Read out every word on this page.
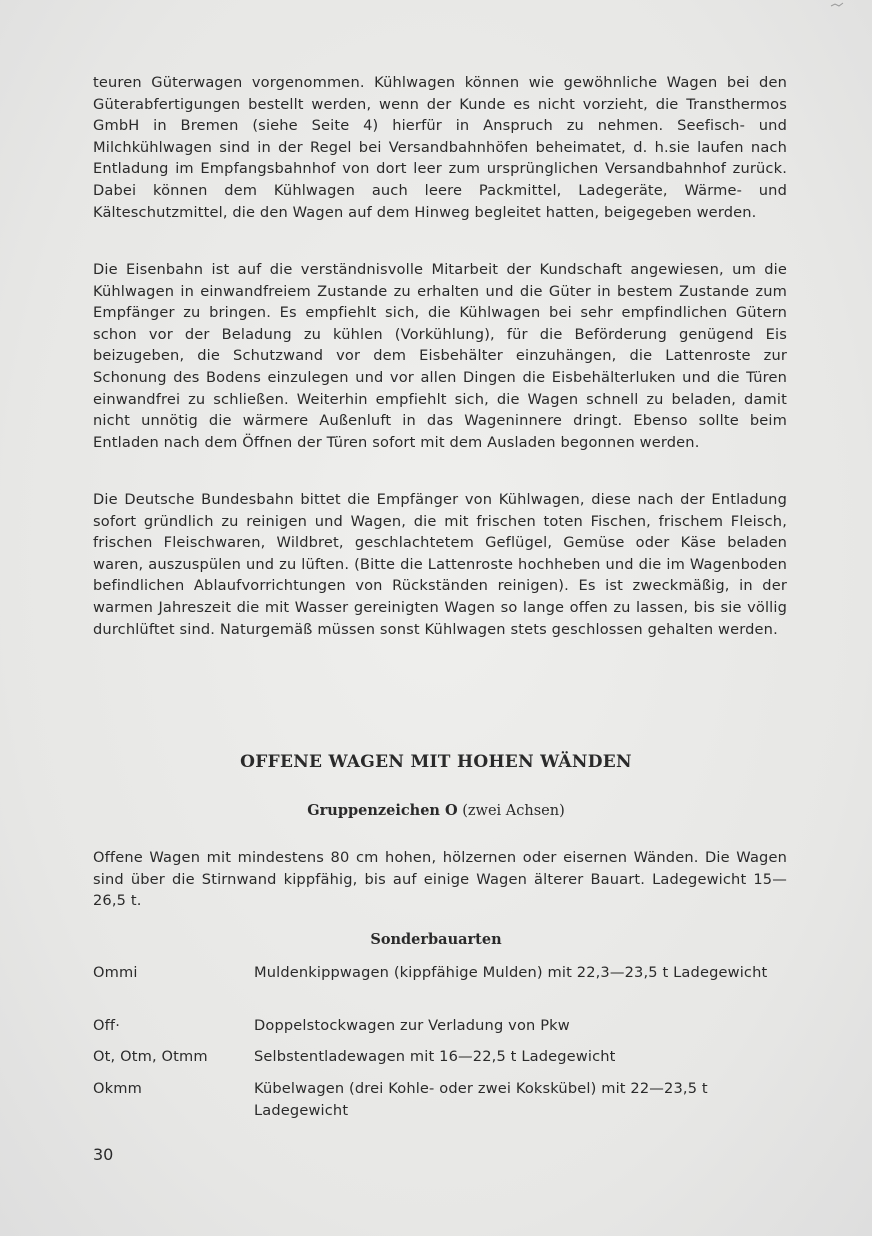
teuren Güterwagen vorgenommen. Kühlwagen können wie gewöhnliche Wagen bei den Güterabfertigungen bestellt werden, wenn der Kunde es nicht vorzieht, die Transthermos GmbH in Bremen (siehe Seite 4) hierfür in Anspruch zu nehmen. Seefisch- und Milchkühlwagen sind in der Regel bei Versandbahnhöfen beheimatet, d. h.sie laufen nach Entladung im Empfangsbahnhof von dort leer zum ursprünglichen Versandbahnhof zurück. Dabei können dem Kühlwagen auch leere Packmittel, Ladegeräte, Wärme- und Kälteschutzmittel, die den Wagen auf dem Hinweg begleitet hatten, beigegeben werden.

Die Eisenbahn ist auf die verständnisvolle Mitarbeit der Kundschaft angewiesen, um die Kühlwagen in einwandfreiem Zustande zu erhalten und die Güter in bestem Zustande zum Empfänger zu bringen. Es empfiehlt sich, die Kühlwagen bei sehr empfindlichen Gütern schon vor der Beladung zu kühlen (Vorkühlung), für die Beförderung genügend Eis beizugeben, die Schutzwand vor dem Eisbehälter einzuhängen, die Lattenroste zur Schonung des Bodens einzulegen und vor allen Dingen die Eisbehälterluken und die Türen einwandfrei zu schließen. Weiterhin empfiehlt sich, die Wagen schnell zu beladen, damit nicht unnötig die wärmere Außenluft in das Wageninnere dringt. Ebenso sollte beim Entladen nach dem Öffnen der Türen sofort mit dem Ausladen begonnen werden.

Die Deutsche Bundesbahn bittet die Empfänger von Kühlwagen, diese nach der Entladung sofort gründlich zu reinigen und Wagen, die mit frischen toten Fischen, frischem Fleisch, frischen Fleischwaren, Wildbret, geschlachtetem Geflügel, Gemüse oder Käse beladen waren, auszuspülen und zu lüften. (Bitte die Lattenroste hochheben und die im Wagenboden befindlichen Ablaufvorrichtungen von Rückständen reinigen). Es ist zweckmäßig, in der warmen Jahreszeit die mit Wasser gereinigten Wagen so lange offen zu lassen, bis sie völlig durchlüftet sind. Naturgemäß müssen sonst Kühlwagen stets geschlossen gehalten werden.

OFFENE WAGEN MIT HOHEN WÄNDEN

Gruppenzeichen O (zwei Achsen)

Offene Wagen mit mindestens 80 cm hohen, hölzernen oder eisernen Wänden. Die Wagen sind über die Stirnwand kippfähig, bis auf einige Wagen älterer Bauart. Ladegewicht 15—26,5 t.

Sonderbauarten

Ommi	Muldenkippwagen (kippfähige Mulden) mit 22,3—23,5 t Ladegewicht
Off·	Doppelstockwagen zur Verladung von Pkw
Ot, Otm, Otmm	Selbstentladewagen mit 16—22,5 t Ladegewicht
Okmm	Kübelwagen (drei Kohle- oder zwei Kokskübel) mit 22—23,5 t Ladegewicht

30
